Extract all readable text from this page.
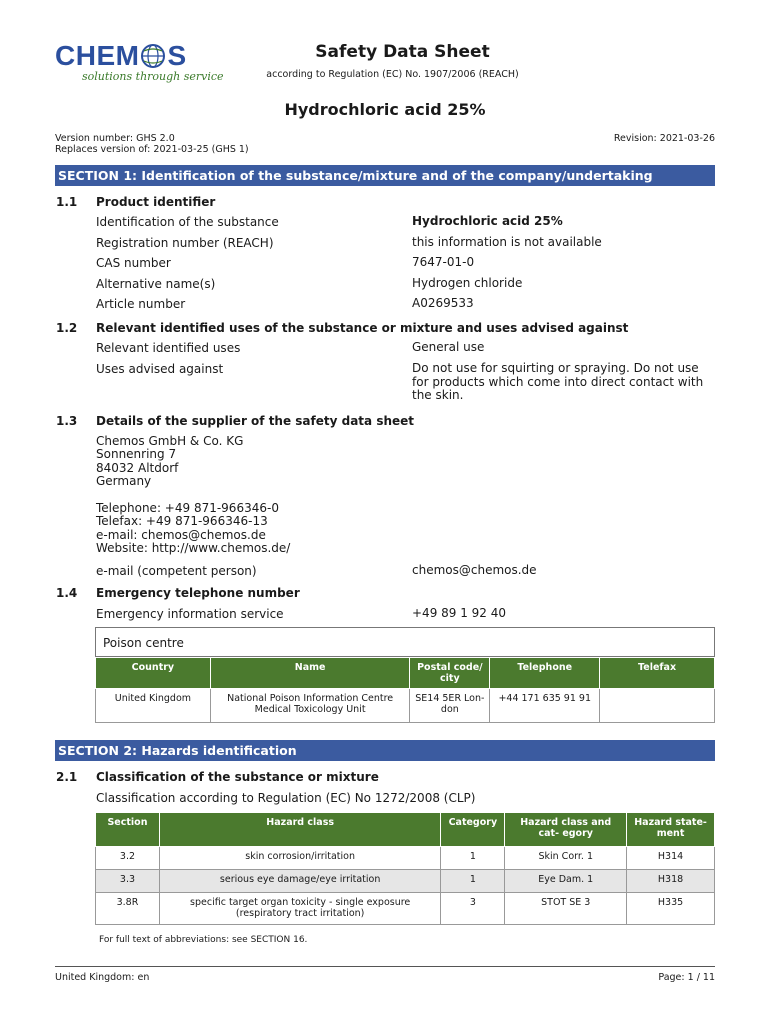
CHEM S
solutions through service
Safety Data Sheet
according to Regulation (EC) No. 1907/2006 (REACH)
Hydrochloric acid 25%
Version number: GHS 2.0
Replaces version of: 2021-03-25 (GHS 1)
Revision: 2021-03-26
SECTION 1: Identification of the substance/mixture and of the company/undertaking
1.1 Product identifier
Identification of the substance	Hydrochloric acid 25%
Registration number (REACH)	this information is not available
CAS number	7647-01-0
Alternative name(s)	Hydrogen chloride
Article number	A0269533
1.2 Relevant identified uses of the substance or mixture and uses advised against
Relevant identified uses	General use
Uses advised against	Do not use for squirting or spraying. Do not use for products which come into direct contact with the skin.
1.3 Details of the supplier of the safety data sheet
Chemos GmbH & Co. KG
Sonnenring 7
84032 Altdorf
Germany
Telephone: +49 871-966346-0
Telefax: +49 871-966346-13
e-mail: chemos@chemos.de
Website: http://www.chemos.de/
e-mail (competent person)	chemos@chemos.de
1.4 Emergency telephone number
Emergency information service	+49 89 1 92 40
Poison centre
Country	Name	Postal code/ city	Telephone	Telefax
United Kingdom	National Poison Information Centre Medical Toxicology Unit	SE14 5ER Lon- don	+44 171 635 91 91	
SECTION 2: Hazards identification
2.1 Classification of the substance or mixture
Classification according to Regulation (EC) No 1272/2008 (CLP)
Section	Hazard class	Category	Hazard class and cat- egory	Hazard state- ment
3.2	skin corrosion/irritation	1	Skin Corr. 1	H314
3.3	serious eye damage/eye irritation	1	Eye Dam. 1	H318
3.8R	specific target organ toxicity - single exposure (respiratory tract irritation)	3	STOT SE 3	H335
For full text of abbreviations: see SECTION 16.
United Kingdom: en	Page: 1 / 11
